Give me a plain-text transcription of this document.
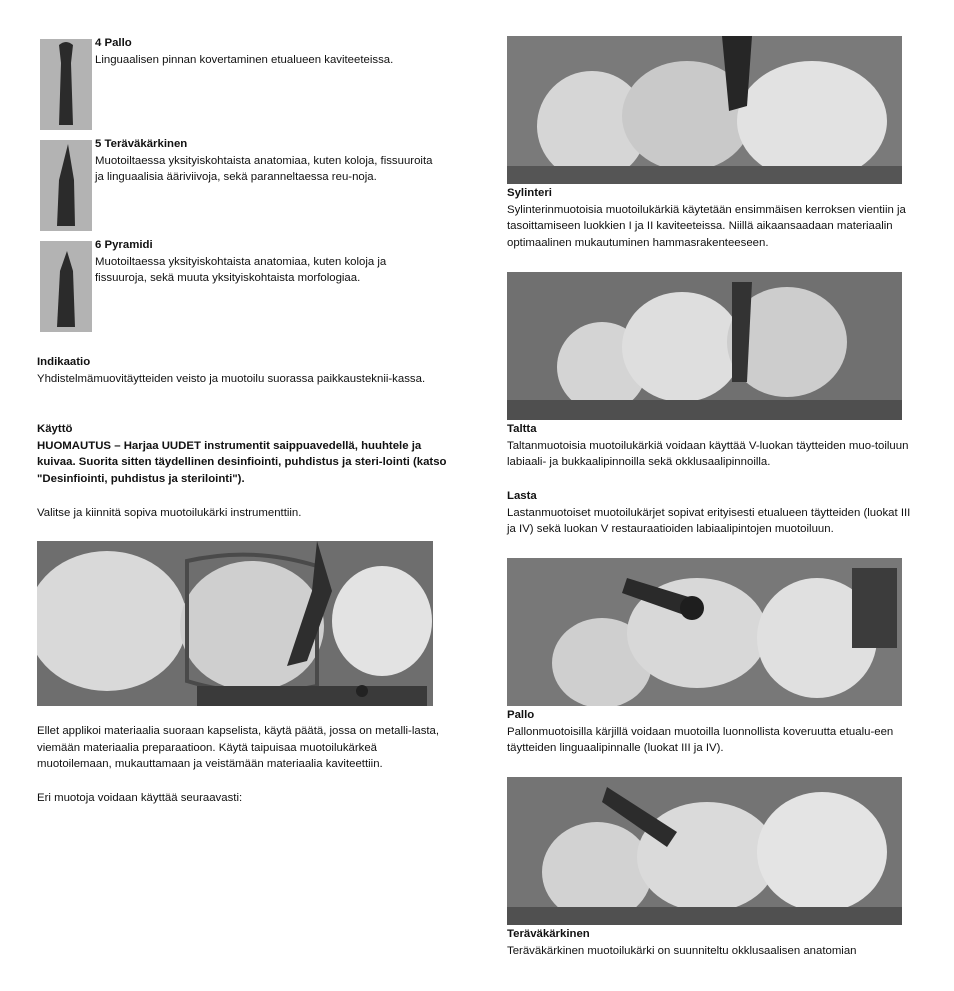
4 Pallo

Linguaalisen pinnan kovertaminen etualueen kaviteeteissa.

5 Teräväkärkinen

Muotoiltaessa yksityiskohtaista anatomiaa, kuten koloja, fissuuroita ja linguaalisia ääriviivoja, sekä paranneltaessa reu-noja.

6 Pyramidi

Muotoiltaessa yksityiskohtaista anatomiaa, kuten koloja ja fissuuroja, sekä muuta yksityiskohtaista morfologiaa.

Indikaatio

Yhdistelmämuovitäytteiden veisto ja muotoilu suorassa paikkausteknii-kassa.

Käyttö

HUOMAUTUS – Harjaa UUDET instrumentit saippuavedellä, huuhtele ja kuivaa. Suorita sitten täydellinen desinfiointi, puhdistus ja steri-lointi (katso "Desinfiointi, puhdistus ja sterilointi").

Valitse ja kiinnitä sopiva muotoilukärki instrumenttiin.

Ellet applikoi materiaalia suoraan kapselista, käytä päätä, jossa on metalli-lasta, viemään materiaalia preparaatioon. Käytä taipuisaa muotoilukärkeä muotoilemaan, mukauttamaan ja veistämään materiaalia kaviteettiin.

Eri muotoja voidaan käyttää seuraavasti:

Sylinteri

Sylinterinmuotoisia muotoilukärkiä käytetään ensimmäisen kerroksen vientiin ja tasoittamiseen luokkien I ja II kaviteeteissa. Niillä aikaansaadaan materiaalin optimaalinen mukautuminen hammasrakenteeseen.

Taltta

Taltanmuotoisia muotoilukärkiä voidaan käyttää V-luokan täytteiden muo-toiluun labiaali- ja bukkaalipinnoilla sekä okklusaalipinnoilla.

Lasta

Lastanmuotoiset muotoilukärjet sopivat erityisesti etualueen täytteiden (luokat III ja IV) sekä luokan V restauraatioiden labiaalipintojen muotoiluun.

Pallo

Pallonmuotoisilla kärjillä voidaan muotoilla luonnollista koveruutta etualu-een täytteiden linguaalipinnalle (luokat III ja IV).

Teräväkärkinen

Teräväkärkinen muotoilukärki on suunniteltu okklusaalisen anatomian
